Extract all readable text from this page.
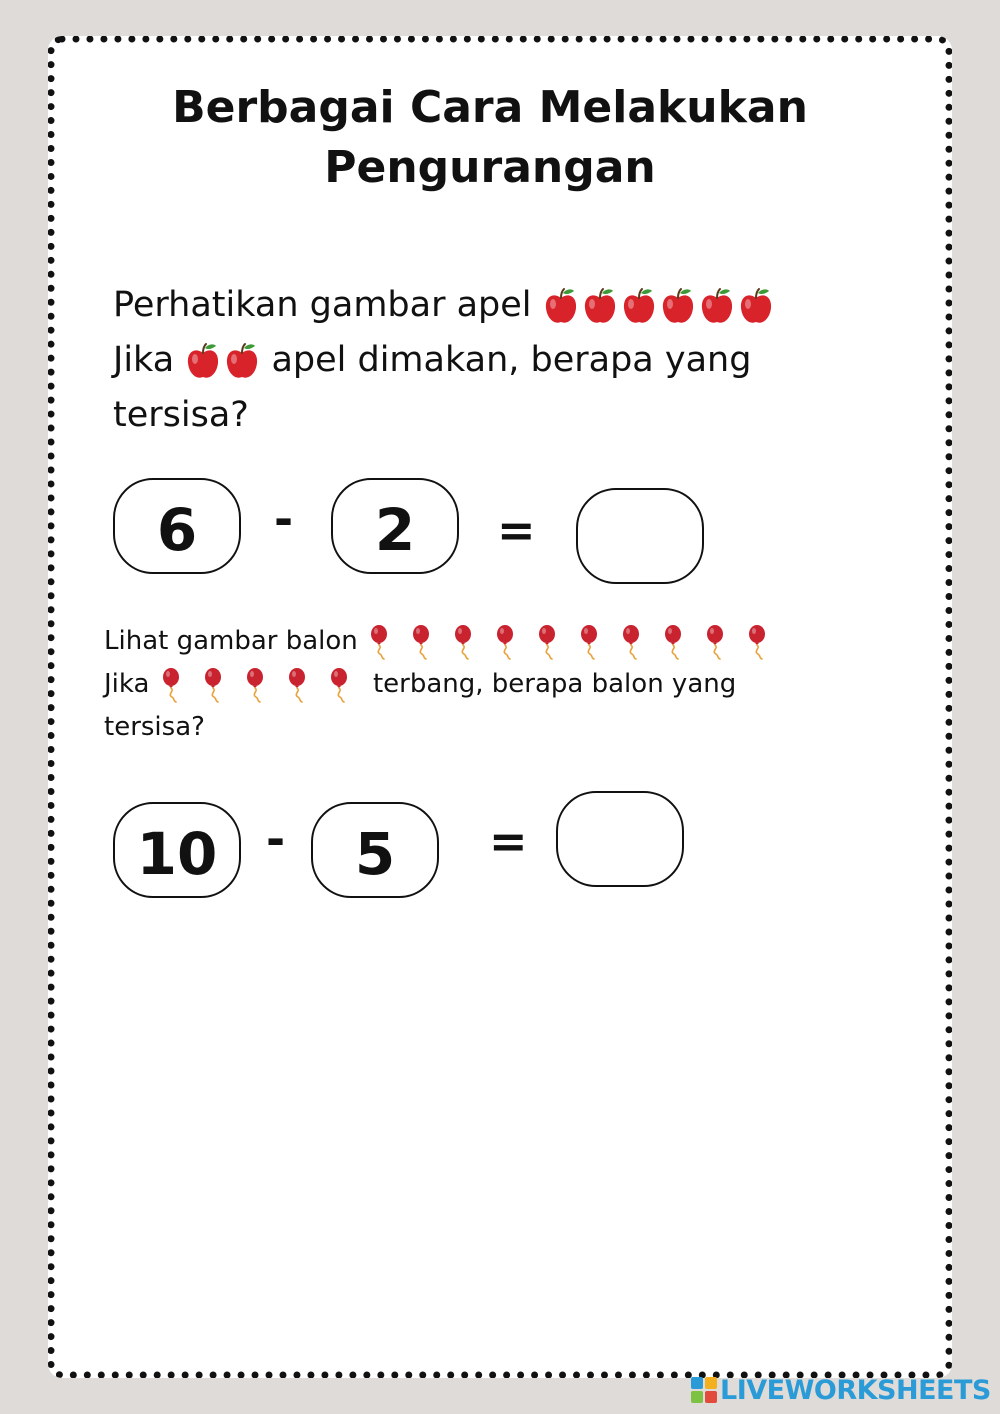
Berbagai Cara Melakukan
Pengurangan
Perhatikan gambar apel
Jika	apel dimakan, berapa yang
tersisa?
6 - 2 =
Lihat gambar balon
Jika	terbang, berapa balon yang
tersisa?
10 - 5 =
LIVEWORKSHEETS
